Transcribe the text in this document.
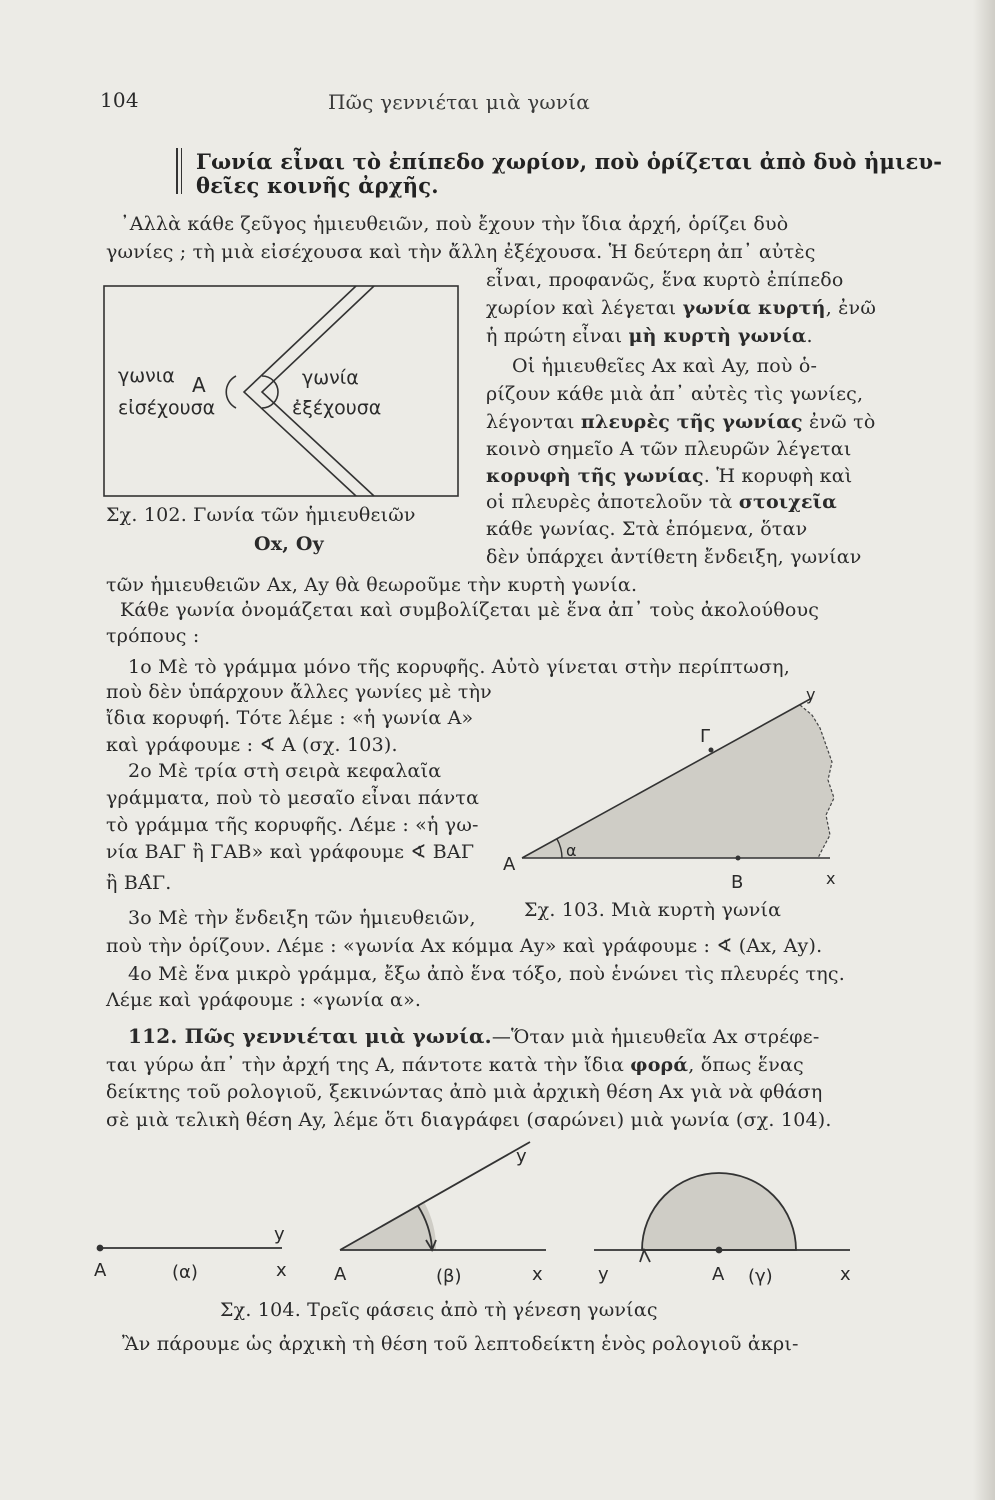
104	Πῶς γεννιέται μιὰ γωνία
Γωνία εἶναι τὸ ἐπίπεδο χωρίον, ποὺ ὁρίζεται ἀπὸ δυὸ ἡμιευ-
θεῖες κοινῆς ἀρχῆς.
᾿Αλλὰ κάθε ζεῦγος ἡμιευθειῶν, ποὺ ἔχουν τὴν ἴδια ἀρχή, ὁρίζει δυὸ
γωνίες ; τὴ μιὰ εἰσέχουσα καὶ τὴν ἄλλη ἐξέχουσα. Ἡ δεύτερη ἀπ᾿ αὐτὲς
εἶναι, προφανῶς, ἕνα κυρτὸ ἐπίπεδο
χωρίον καὶ λέγεται γωνία κυρτή, ἐνῶ
ἡ πρώτη εἶναι μὴ κυρτὴ γωνία.
Οἱ ἡμιευθεῖες Αx καὶ Αy, ποὺ ὁ-
ρίζουν κάθε μιὰ ἀπ᾿ αὐτὲς τὶς γωνίες,
λέγονται πλευρὲς τῆς γωνίας ἐνῶ τὸ
κοινὸ σημεῖο Α τῶν πλευρῶν λέγεται
κορυφὴ τῆς γωνίας. Ἡ κορυφὴ καὶ
οἱ πλευρὲς ἀποτελοῦν τὰ στοιχεῖα
κάθε γωνίας. Στὰ ἑπόμενα, ὅταν
δὲν ὑπάρχει ἀντίθετη ἔνδειξη, γωνίαν
τῶν ἡμιευθειῶν Αx, Αy θὰ θεωροῦμε τὴν κυρτὴ γωνία.
Σχ. 102. Γωνία τῶν ἡμιευθειῶν
Οx, Οy
Κάθε γωνία ὀνομάζεται καὶ συμβολίζεται μὲ ἕνα ἀπ᾿ τοὺς ἀκολούθους
τρόπους :
1ο Μὲ τὸ γράμμα μόνο τῆς κορυφῆς. Αὐτὸ γίνεται στὴν περίπτωση,
ποὺ δὲν ὑπάρχουν ἄλλες γωνίες μὲ τὴν
ἴδια κορυφή. Τότε λέμε : «ἡ γωνία Α»
καὶ γράφουμε : ∢ Α (σχ. 103).
2ο Μὲ τρία στὴ σειρὰ κεφαλαῖα
γράμματα, ποὺ τὸ μεσαῖο εἶναι πάντα
τὸ γράμμα τῆς κορυφῆς. Λέμε : «ἡ γω-
νία ΒΑΓ ἢ ΓΑΒ» καὶ γράφουμε ∢ ΒΑΓ
ἢ ΒΑ̂Γ.
3ο Μὲ τὴν ἔνδειξη τῶν ἡμιευθειῶν,
ποὺ τὴν ὁρίζουν. Λέμε : «γωνία Αx κόμμα Αy» καὶ γράφουμε : ∢ (Αx, Αy).
4ο Μὲ ἕνα μικρὸ γράμμα, ἔξω ἀπὸ ἕνα τόξο, ποὺ ἑνώνει τὶς πλευρές της.
Λέμε καὶ γράφουμε : «γωνία α».
Σχ. 103. Μιὰ κυρτὴ γωνία
112. Πῶς γεννιέται μιὰ γωνία.—Ὅταν μιὰ ἡμιευθεῖα Αx στρέφε-
ται γύρω ἀπ᾿ τὴν ἀρχή της Α, πάντοτε κατὰ τὴν ἴδια φορά, ὅπως ἕνας
δείκτης τοῦ ρολογιοῦ, ξεκινώντας ἀπὸ μιὰ ἀρχικὴ θέση Αx γιὰ νὰ φθάση
σὲ μιὰ τελικὴ θέση Αy, λέμε ὅτι διαγράφει (σαρώνει) μιὰ γωνία (σχ. 104).
Σχ. 104. Τρεῖς φάσεις ἀπὸ τὴ γένεση γωνίας
Ἂν πάρουμε ὡς ἀρχικὴ τὴ θέση τοῦ λεπτοδείκτη ἑνὸς ρολογιοῦ ἀκρι-
γωνια
εἰσέχουσα
Α	γωνία
ἐξέχουσα
Α
Β
Γ
x
y
α
Α	(α)	x
y
Α	(β)	x
y
y	Α (γ)	x
